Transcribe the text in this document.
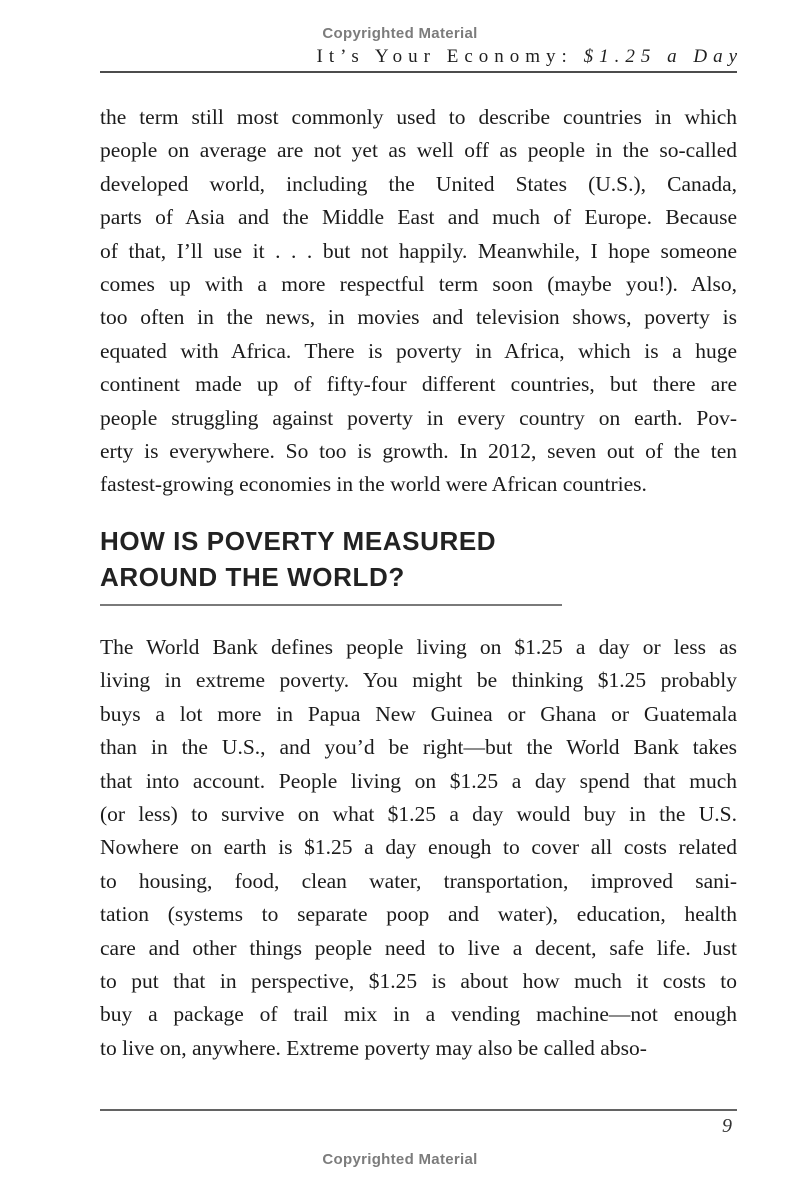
Copyrighted Material
It’s Your Economy: $1.25 a Day
the term still most commonly used to describe countries in which
people on average are not yet as well off as people in the so-called
developed world, including the United States (U.S.), Canada,
parts of Asia and the Middle East and much of Europe. Because
of that, I’ll use it . . . but not happily. Meanwhile, I hope someone
comes up with a more respectful term soon (maybe you!). Also,
too often in the news, in movies and television shows, poverty is
equated with Africa. There is poverty in Africa, which is a huge
continent made up of fifty-four different countries, but there are
people struggling against poverty in every country on earth. Pov-
erty is everywhere. So too is growth. In 2012, seven out of the ten
fastest-growing economies in the world were African countries.
HOW IS POVERTY MEASURED
AROUND THE WORLD?
The World Bank defines people living on $1.25 a day or less as
living in extreme poverty. You might be thinking $1.25 probably
buys a lot more in Papua New Guinea or Ghana or Guatemala
than in the U.S., and you’d be right—but the World Bank takes
that into account. People living on $1.25 a day spend that much
(or less) to survive on what $1.25 a day would buy in the U.S.
Nowhere on earth is $1.25 a day enough to cover all costs related
to housing, food, clean water, transportation, improved sani-
tation (systems to separate poop and water), education, health
care and other things people need to live a decent, safe life. Just
to put that in perspective, $1.25 is about how much it costs to
buy a package of trail mix in a vending machine—not enough
to live on, anywhere. Extreme poverty may also be called abso-
9
Copyrighted Material
